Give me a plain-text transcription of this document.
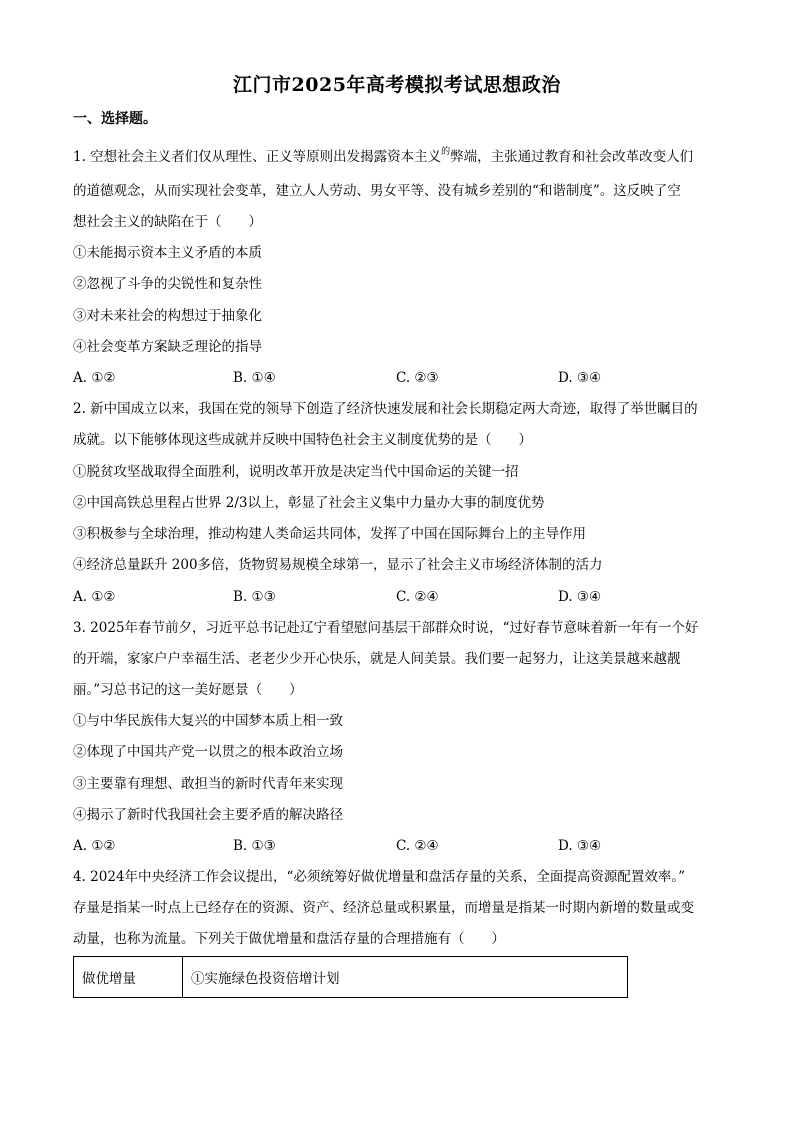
江门市2025年高考模拟考试思想政治
一、选择题。
1. 空想社会主义者们仅从理性、正义等原则出发揭露资本主义$^的$弊端，主张通过教育和社会改革改变人们
的道德观念，从而实现社会变革，建立人人劳动、男女平等、没有城乡差别的“和谐制度”。这反映了空
想社会主义的缺陷在于（　　）
①未能揭示资本主义矛盾的本质
②忽视了斗争的尖锐性和复杂性
③对未来社会的构想过于抽象化
④社会变革方案缺乏理论的指导
A. ①②	B. ①④	C. ②③	D. ③④
2. 新中国成立以来，我国在党的领导下创造了经济快速发展和社会长期稳定两大奇迹，取得了举世瞩目的
成就。以下能够体现这些成就并反映中国特色社会主义制度优势的是（　　）
①脱贫攻坚战取得全面胜利，说明改革开放是决定当代中国命运的关键一招
②中国高铁总里程占世界 2/3以上，彰显了社会主义集中力量办大事的制度优势
③积极参与全球治理，推动构建人类命运共同体，发挥了中国在国际舞台上的主导作用
④经济总量跃升 200多倍，货物贸易规模全球第一，显示了社会主义市场经济体制的活力
A. ①②	B. ①③	C. ②④	D. ③④
3. 2025年春节前夕，习近平总书记赴辽宁看望慰问基层干部群众时说，“过好春节意味着新一年有一个好
的开端，家家户户幸福生活、老老少少开心快乐，就是人间美景。我们要一起努力，让这美景越来越靓
丽。”习总书记的这一美好愿景（　　）
①与中华民族伟大复兴的中国梦本质上相一致
②体现了中国共产党一以贯之的根本政治立场
③主要靠有理想、敢担当的新时代青年来实现
④揭示了新时代我国社会主要矛盾的解决路径
A. ①②	B. ①③	C. ②④	D. ③④
4. 2024年中央经济工作会议提出，“必须统筹好做优增量和盘活存量的关系，全面提高资源配置效率。”
存量是指某一时点上已经存在的资源、资产、经济总量或积累量，而增量是指某一时期内新增的数量或变
动量，也称为流量。下列关于做优增量和盘活存量的合理措施有（　　）
做优增量	①实施绿色投资倍增计划
